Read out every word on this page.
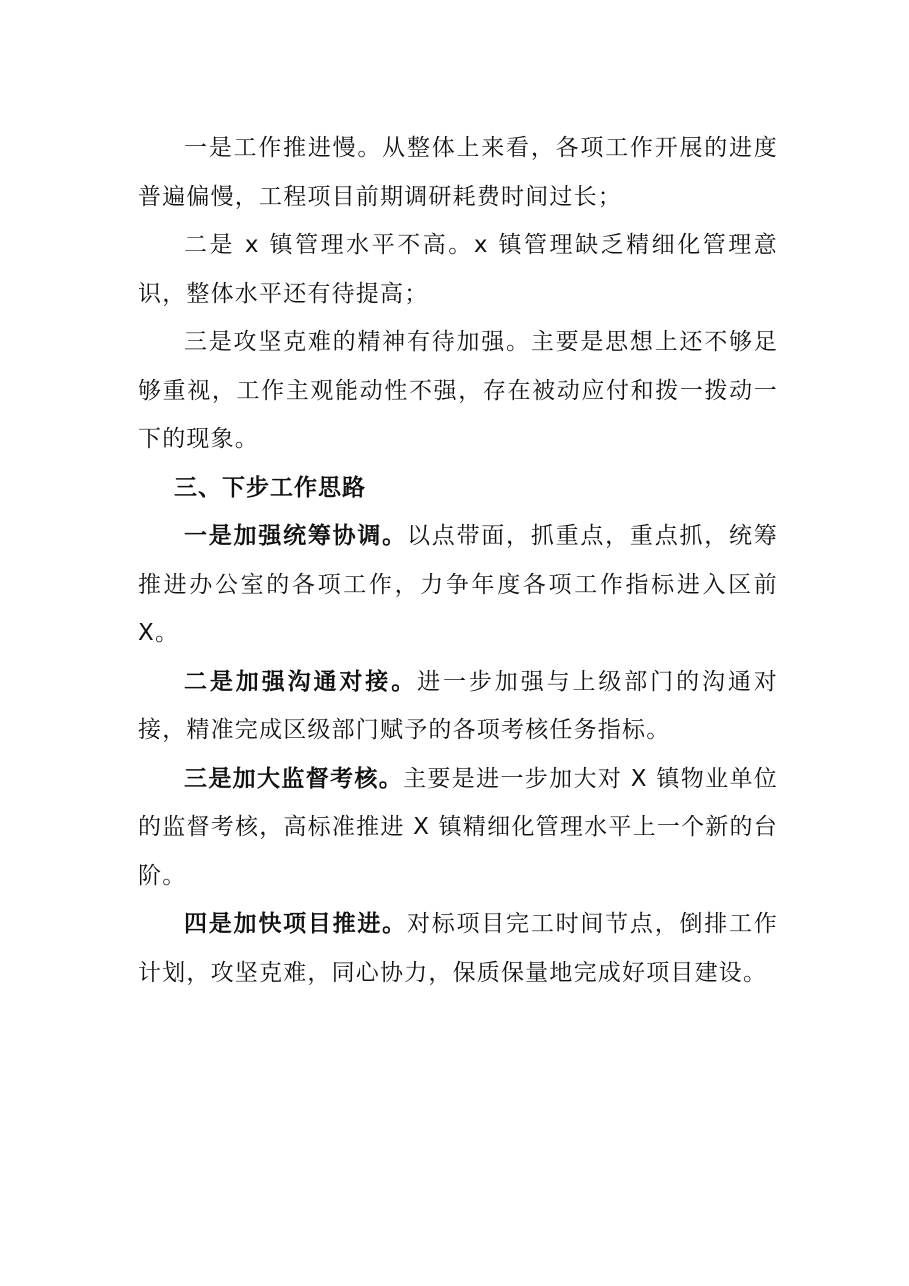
一是工作推进慢。从整体上来看，各项工作开展的进度普遍偏慢，工程项目前期调研耗费时间过长；

二是 x 镇管理水平不高。x 镇管理缺乏精细化管理意识，整体水平还有待提高；

三是攻坚克难的精神有待加强。主要是思想上还不够足够重视，工作主观能动性不强，存在被动应付和拨一拨动一下的现象。

三、下步工作思路

一是加强统筹协调。以点带面，抓重点，重点抓，统筹推进办公室的各项工作，力争年度各项工作指标进入区前X。

二是加强沟通对接。进一步加强与上级部门的沟通对接，精准完成区级部门赋予的各项考核任务指标。

三是加大监督考核。主要是进一步加大对 X 镇物业单位的监督考核，高标准推进 X 镇精细化管理水平上一个新的台阶。

四是加快项目推进。对标项目完工时间节点，倒排工作计划，攻坚克难，同心协力，保质保量地完成好项目建设。
